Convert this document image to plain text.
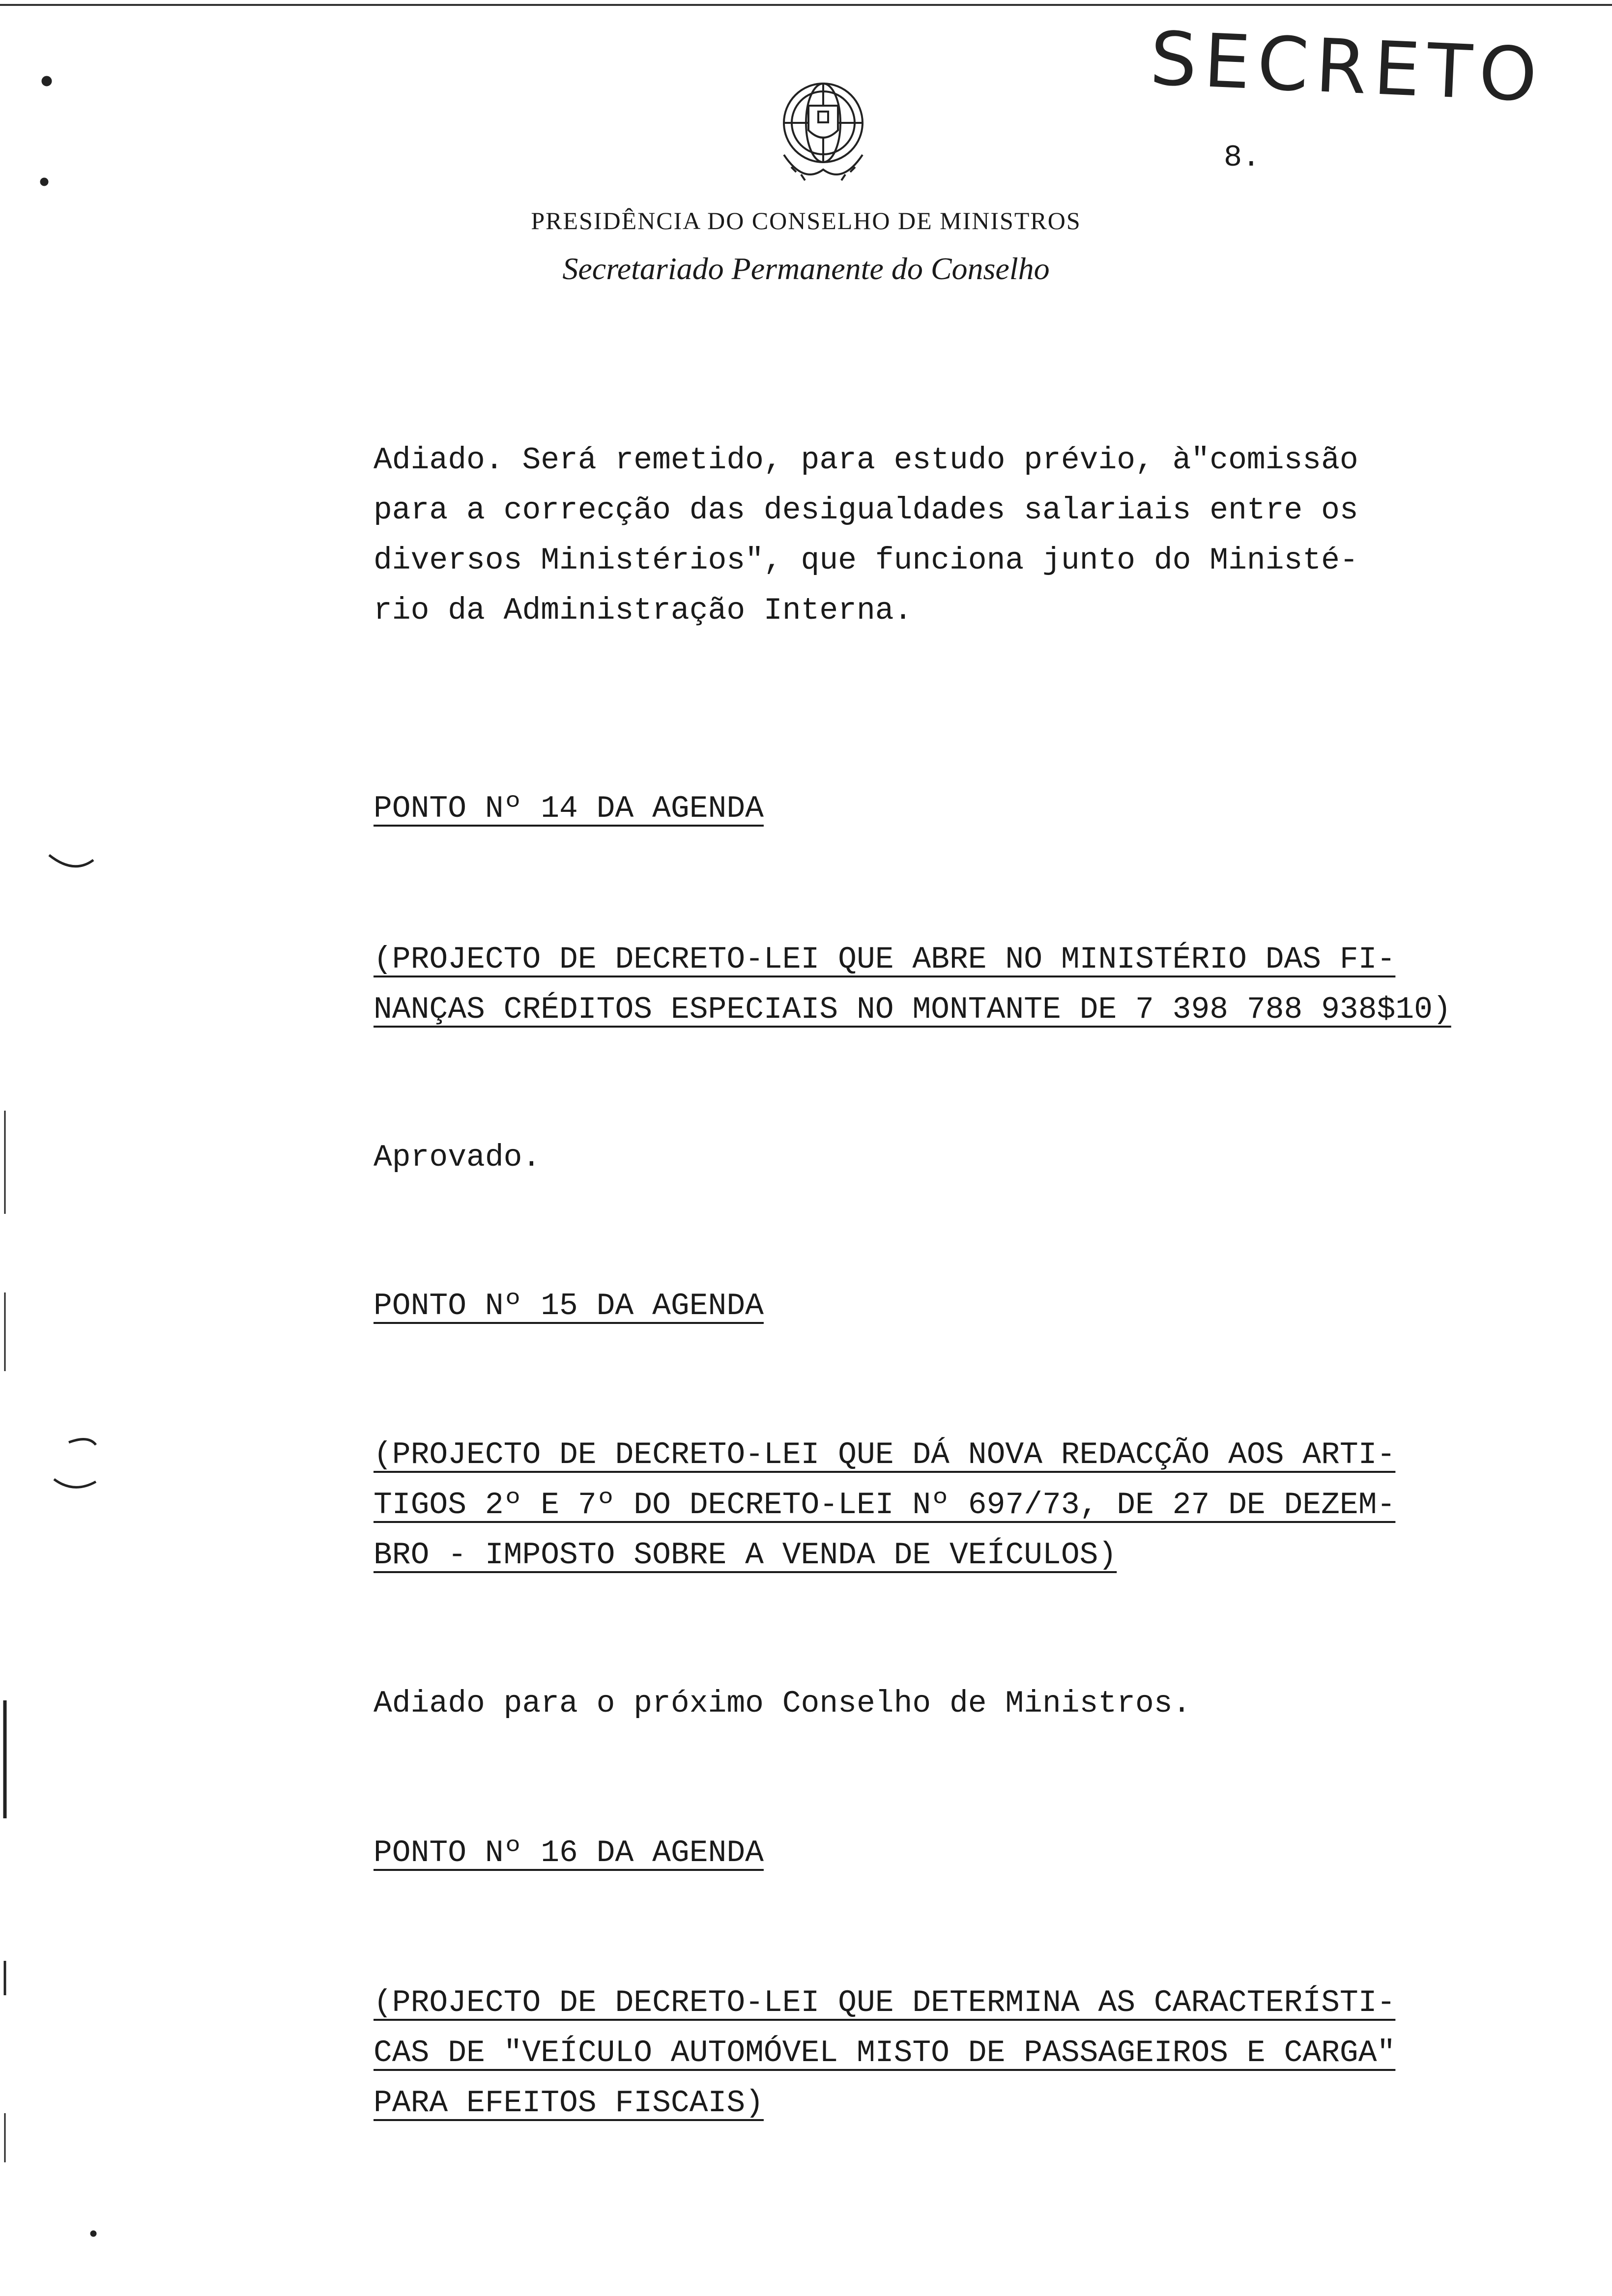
SECRETO
8.
PRESIDÊNCIA DO CONSELHO DE MINISTROS
Secretariado Permanente do Conselho
Adiado. Será remetido, para estudo prévio, à"comissão
para a correcção das desigualdades salariais entre os
diversos Ministérios", que funciona junto do Ministé-
rio da Administração Interna.
PONTO Nº 14 DA AGENDA
(PROJECTO DE DECRETO-LEI QUE ABRE NO MINISTÉRIO DAS FI-
NANÇAS CRÉDITOS ESPECIAIS NO MONTANTE DE 7 398 788 938$10)
Aprovado.
PONTO Nº 15 DA AGENDA
(PROJECTO DE DECRETO-LEI QUE DÁ NOVA REDACÇÃO AOS ARTI-
TIGOS 2º E 7º DO DECRETO-LEI Nº 697/73, DE 27 DE DEZEM-
BRO - IMPOSTO SOBRE A VENDA DE VEÍCULOS)
Adiado para o próximo Conselho de Ministros.
PONTO Nº 16 DA AGENDA
(PROJECTO DE DECRETO-LEI QUE DETERMINA AS CARACTERÍSTI-
CAS DE "VEÍCULO AUTOMÓVEL MISTO DE PASSAGEIROS E CARGA"
PARA EFEITOS FISCAIS)
